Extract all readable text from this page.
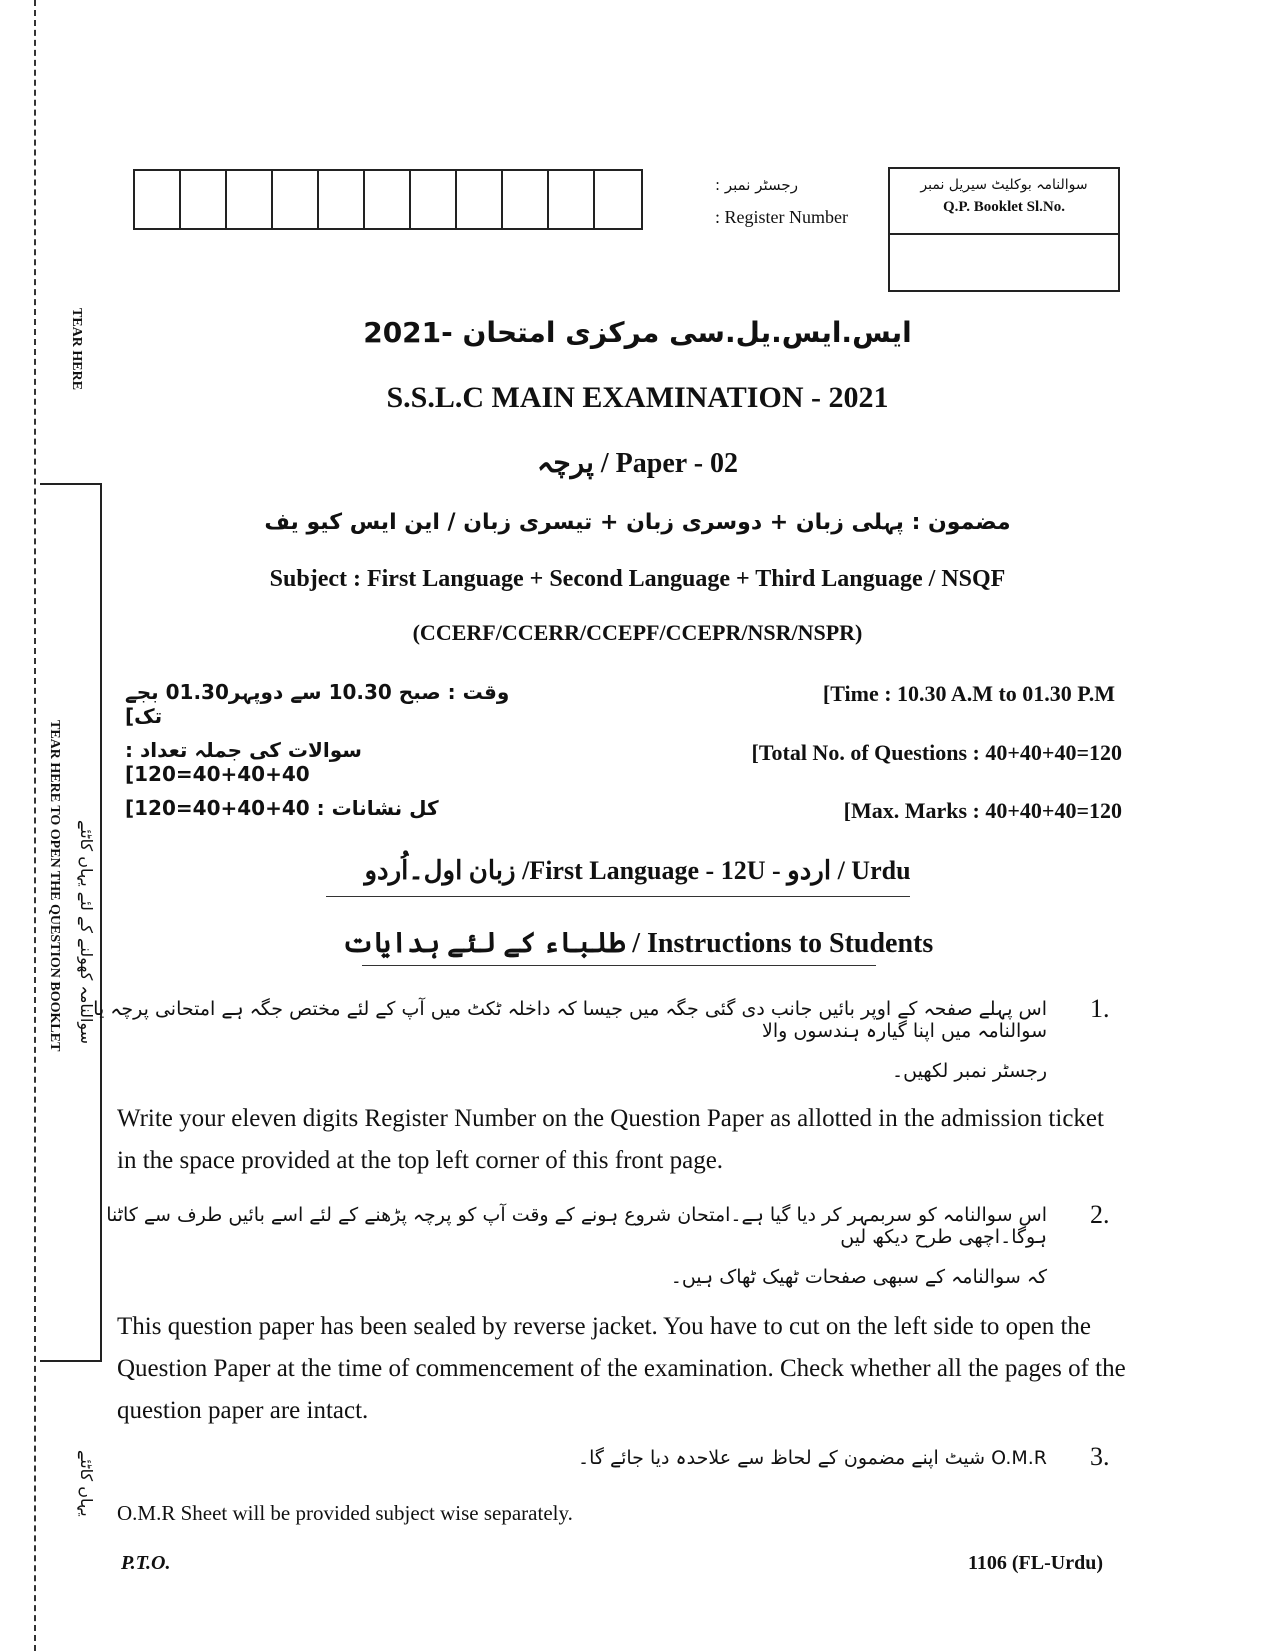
TEAR HERE
TEAR HERE TO OPEN THE QUESTION BOOKLET سوالنامہ کھولنے کے لئے یہاں کاٹئے
یہاں کاٹئے
رجسٹر نمبر :
: Register Number
سوالنامہ بوکلیٹ سیریل نمبر
Q.P. Booklet Sl.No.
ایس.ایس.یل.سی مرکزی امتحان -2021
S.S.L.C MAIN EXAMINATION - 2021
پرچہ / Paper - 02
مضمون : پہلی زبان + دوسری زبان + تیسری زبان / این ایس کیو یف
Subject : First Language + Second Language + Third Language / NSQF
(CCERF/CCERR/CCEPF/CCEPR/NSR/NSPR)
وقت : صبح 10.30 سے دوپہر01.30 بجے تک]
[Time : 10.30 A.M to 01.30 P.M
سوالات کی جملہ تعداد : 40+40+40=120]
[Total No. of Questions : 40+40+40=120
کل نشانات : 40+40+40=120]	[Max. Marks : 40+40+40=120
زبان اول۔اُردو /First Language - 12U - اردو / Urdu
طلباء کے لئے ہدایات / Instructions to Students
1.
اس پہلے صفحہ کے اوپر بائیں جانب دی گئی جگہ میں جیسا کہ داخلہ ٹکٹ میں آپ کے لئے مختص جگہ ہے امتحانی پرچہ یا سوالنامہ میں اپنا گیارہ ہندسوں والا
رجسٹر نمبر لکھیں۔
Write your eleven digits Register Number on the Question Paper as allotted in the admission ticket in the space provided at the top left corner of this front page.
2.
اس سوالنامہ کو سربمہر کر دیا گیا ہے۔امتحان شروع ہونے کے وقت آپ کو پرچہ پڑھنے کے لئے اسے بائیں طرف سے کاٹنا ہوگا۔اچھی طرح دیکھ لیں
کہ سوالنامہ کے سبھی صفحات ٹھیک ٹھاک ہیں۔
This question paper has been sealed by reverse jacket. You have to cut on the left side to open the Question Paper at the time of commencement of the examination. Check whether all the pages of the question paper are intact.
3.
O.M.R شیٹ اپنے مضمون کے لحاظ سے علاحدہ دیا جائے گا۔
O.M.R Sheet will be provided subject wise separately.
P.T.O.	1106 (FL-Urdu)
